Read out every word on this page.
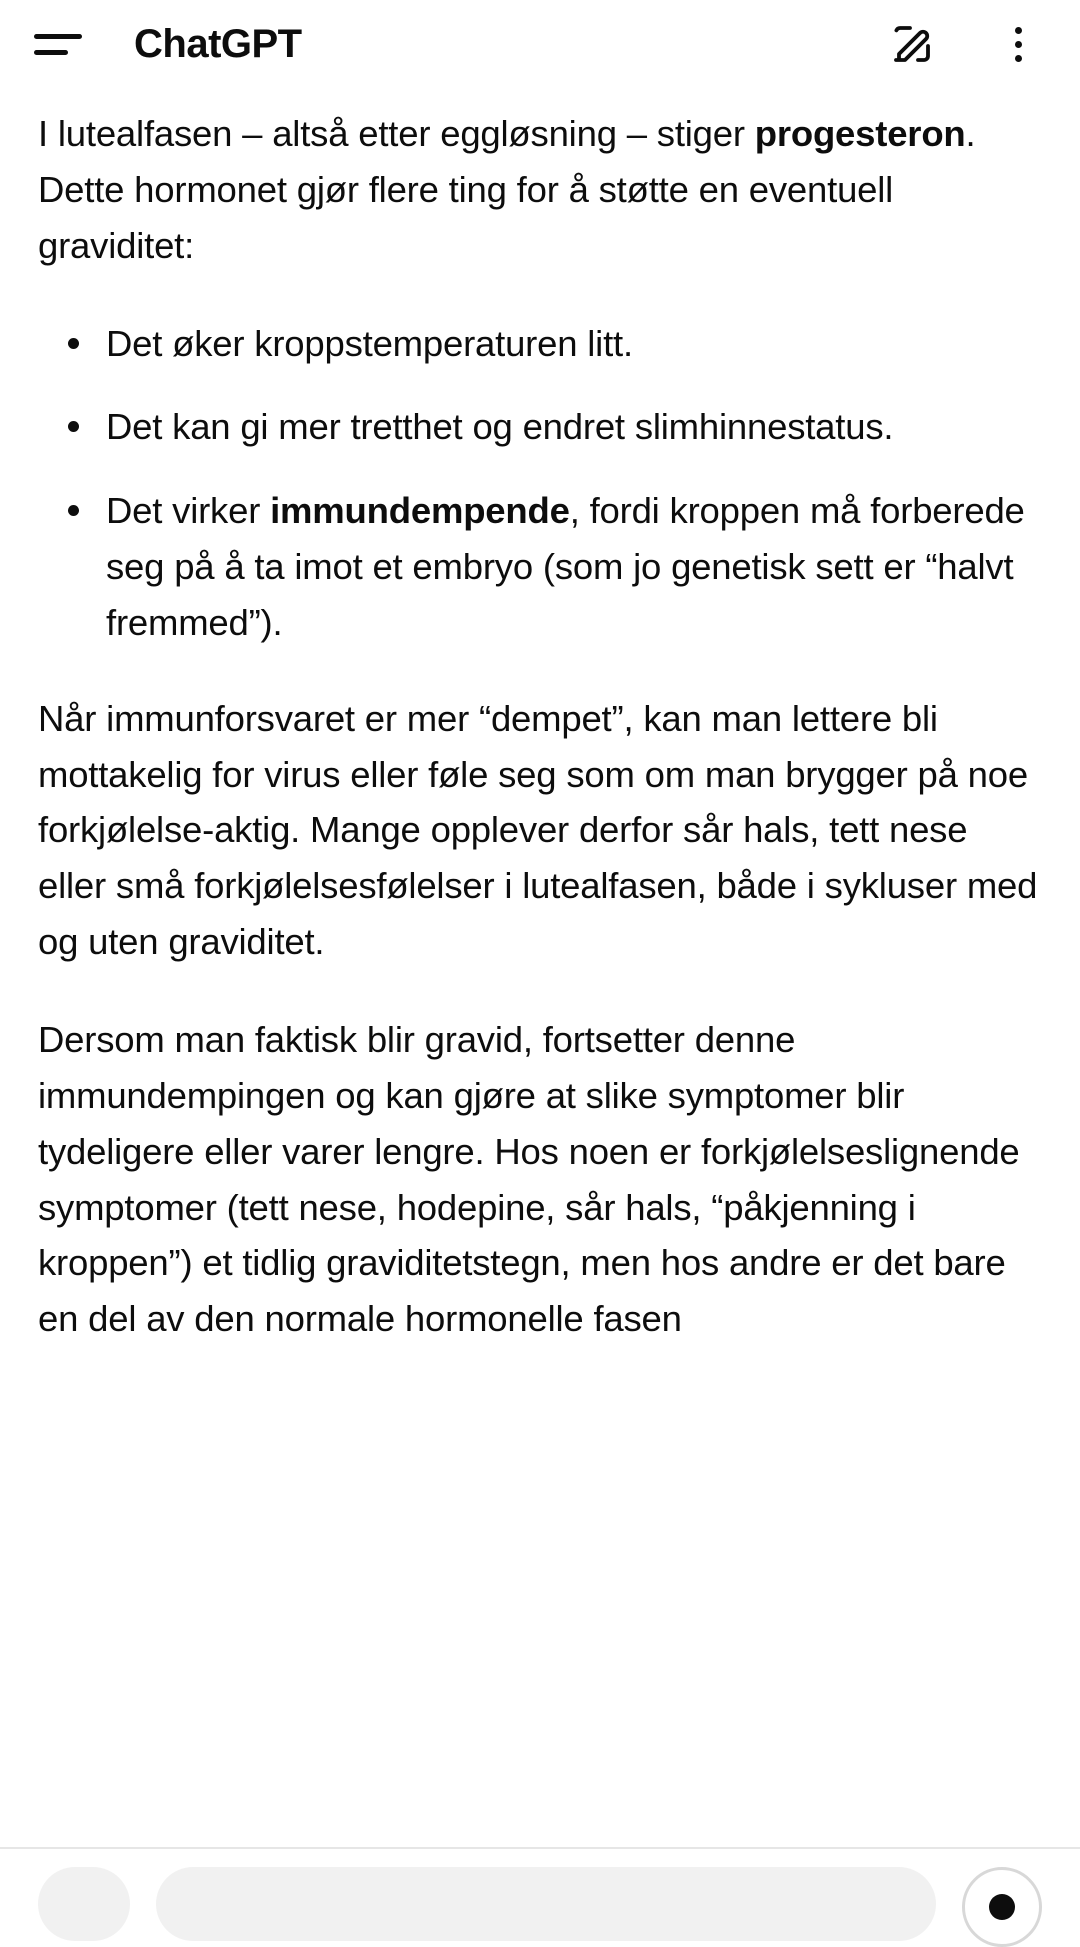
ChatGPT

I lutealfasen – altså etter eggløsning – stiger progesteron. Dette hormonet gjør flere ting for å støtte en eventuell graviditet:

Det øker kroppstemperaturen litt.
Det kan gi mer tretthet og endret slimhinnestatus.
Det virker immundempende, fordi kroppen må forberede seg på å ta imot et embryo (som jo genetisk sett er “halvt fremmed”).

Når immunforsvaret er mer “dempet”, kan man lettere bli mottakelig for virus eller føle seg som om man brygger på noe forkjølelse-aktig. Mange opplever derfor sår hals, tett nese eller små forkjølelsesfølelser i lutealfasen, både i sykluser med og uten graviditet.

Dersom man faktisk blir gravid, fortsetter denne immundempingen og kan gjøre at slike symptomer blir tydeligere eller varer lengre. Hos noen er forkjølelseslignende symptomer (tett nese, hodepine, sår hals, “påkjenning i kroppen”) et tidlig graviditetstegn, men hos andre er det bare en del av den normale hormonelle fasen
